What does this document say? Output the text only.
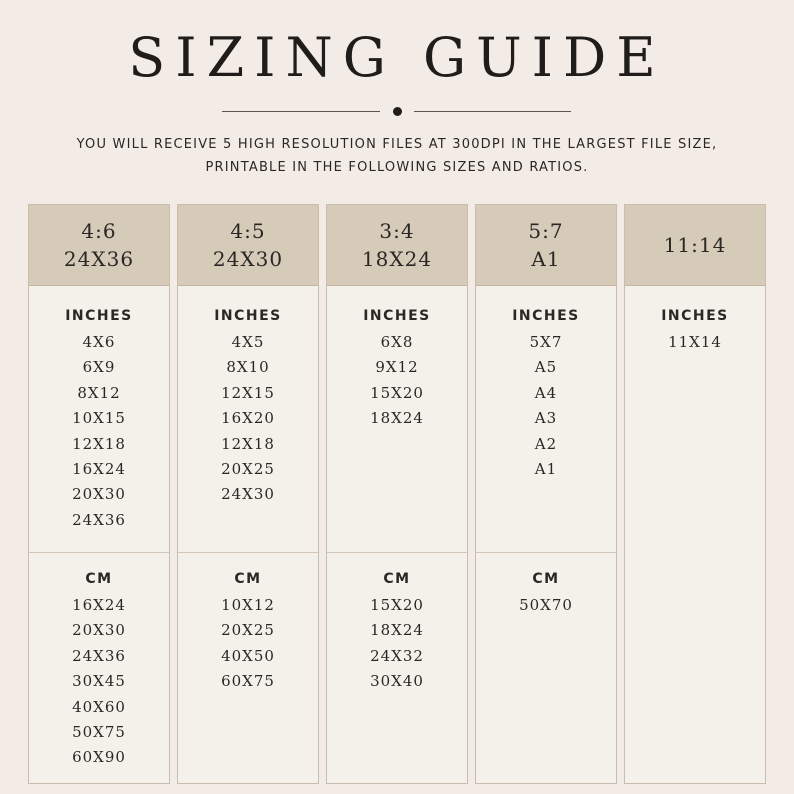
SIZING GUIDE
YOU WILL RECEIVE 5 HIGH RESOLUTION FILES AT 300DPI IN THE LARGEST FILE SIZE,
PRINTABLE IN THE FOLLOWING SIZES AND RATIOS.
4:6
24X36
INCHES
4X6
6X9
8X12
10X15
12X18
16X24
20X30
24X36
CM
16X24
20X30
24X36
30X45
40X60
50X75
60X90
4:5
24X30
INCHES
4X5
8X10
12X15
16X20
12X18
20X25
24X30
CM
10X12
20X25
40X50
60X75
3:4
18X24
INCHES
6X8
9X12
15X20
18X24
CM
15X20
18X24
24X32
30X40
5:7
A1
INCHES
5X7
A5
A4
A3
A2
A1
CM
50X70
11:14
INCHES
11X14
